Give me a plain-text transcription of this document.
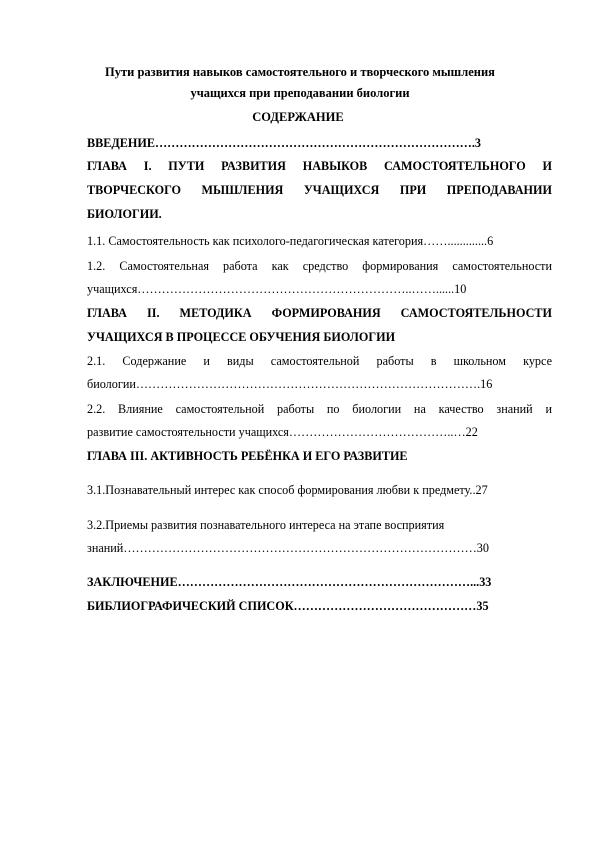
Пути развития навыков самостоятельного и творческого мышления
учащихся при преподавании биологии
СОДЕРЖАНИЕ
ВВЕДЕНИЕ…………………………………………………………………….3
ГЛАВА I. ПУТИ РАЗВИТИЯ НАВЫКОВ САМОСТОЯТЕЛЬНОГО И
ТВОРЧЕСКОГО МЫШЛЕНИЯ УЧАЩИХСЯ ПРИ ПРЕПОДАВАНИИ
БИОЛОГИИ.
1.1. Самостоятельность как психолого-педагогическая категория…….............6
1.2. Самостоятельная работа как средство формирования самостоятельности
учащихся…………………………………………………………..……......10
ГЛАВА II. МЕТОДИКА ФОРМИРОВАНИЯ САМОСТОЯТЕЛЬНОСТИ
УЧАЩИХСЯ В ПРОЦЕССЕ ОБУЧЕНИЯ БИОЛОГИИ
2.1. Содержание и виды самостоятельной работы в школьном курсе
биологии………………………………………………………………………….16
2.2. Влияние самостоятельной работы по биологии на качество знаний и
развитие самостоятельности учащихся…………………………………..…22
ГЛАВА III. АКТИВНОСТЬ РЕБЁНКА И ЕГО РАЗВИТИЕ
3.1.Познавательный интерес как способ формирования любви к предмету..27
3.2.Приемы развития познавательного интереса на этапе восприятия
знаний……………………………………………………………………………30
ЗАКЛЮЧЕНИЕ………………………………………………………………...33
БИБЛИОГРАФИЧЕСКИЙ СПИСОК………………………………………35
